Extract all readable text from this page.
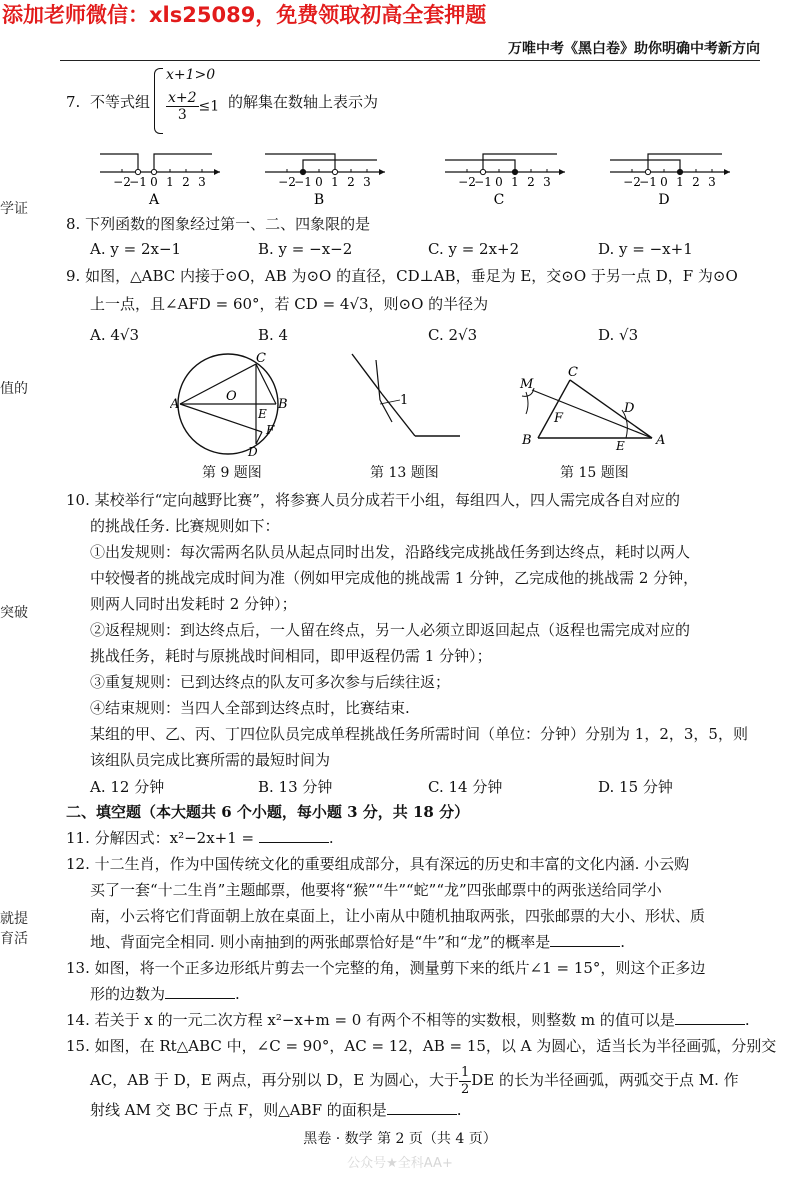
添加老师微信：xls25089，免费领取初高全套押题
万唯中考《黑白卷》助你明确中考新方向
学证
值的
突破
就提
育活
7. 不等式组
x+1>0
$\frac{x+2}{3} \le 1$ 的解集在数轴上表示为
−2
−1 0 1 2 3
A
−2
−1 0 1 2 3
B
−2
−1 0 1 2 3
C
−2
−1 0 1 2 3
D
8. 下列函数的图象经过第一、二、四象限的是
A. y = 2x−1	B. y = −x−2	C. y = 2x+2	D. y = −x+1
9. 如图，△ABC 内接于⊙O，AB 为⊙O 的直径，CD⊥AB，垂足为 E，交⊙O 于另一点 D，F 为⊙O
上一点，且∠AFD = 60°，若 CD = 4√3，则⊙O 的半径为
A. 4√3	B. 4	C. 2√3	D. √3
C
A	B
O
E
F
D
1
M
C
B	A
F
D
E
第 9 题图	第 13 题图	第 15 题图
10. 某校举行“定向越野比赛”，将参赛人员分成若干小组，每组四人，四人需完成各自对应的
的挑战任务. 比赛规则如下：
①出发规则：每次需两名队员从起点同时出发，沿路线完成挑战任务到达终点，耗时以两人
中较慢者的挑战完成时间为准（例如甲完成他的挑战需 1 分钟，乙完成他的挑战需 2 分钟，
则两人同时出发耗时 2 分钟）；
②返程规则：到达终点后，一人留在终点，另一人必须立即返回起点（返程也需完成对应的
挑战任务，耗时与原挑战时间相同，即甲返程仍需 1 分钟）；
③重复规则：已到达终点的队友可多次参与后续往返；
④结束规则：当四人全部到达终点时，比赛结束.
某组的甲、乙、丙、丁四位队员完成单程挑战任务所需时间（单位：分钟）分别为 1，2，3，5，则
该组队员完成比赛所需的最短时间为
A. 12 分钟	B. 13 分钟	C. 14 分钟	D. 15 分钟
二、填空题（本大题共 6 个小题，每小题 3 分，共 18 分）
11. 分解因式：x²−2x+1 =	.
12. 十二生肖，作为中国传统文化的重要组成部分，具有深远的历史和丰富的文化内涵. 小云购
买了一套“十二生肖”主题邮票，他要将“猴”“牛”“蛇”“龙”四张邮票中的两张送给同学小
南，小云将它们背面朝上放在桌面上，让小南从中随机抽取两张，四张邮票的大小、形状、质
地、背面完全相同. 则小南抽到的两张邮票恰好是“牛”和“龙”的概率是	.
13. 如图，将一个正多边形纸片剪去一个完整的角，测量剪下来的纸片∠1 = 15°，则这个正多边
形的边数为	.
14. 若关于 x 的一元二次方程 x²−x+m = 0 有两个不相等的实数根，则整数 m 的值可以是	.
15. 如图，在 Rt△ABC 中，∠C = 90°，AC = 12，AB = 15，以 A 为圆心，适当长为半径画弧，分别交
AC，AB 于 D，E 两点，再分别以 D，E 为圆心，大于 $\frac{1}{2}$ DE 的长为半径画弧，两弧交于点 M. 作
射线 AM 交 BC 于点 F，则△ABF 的面积是	.
黑卷 · 数学 第 2 页（共 4 页）
公众号★全科AA+
